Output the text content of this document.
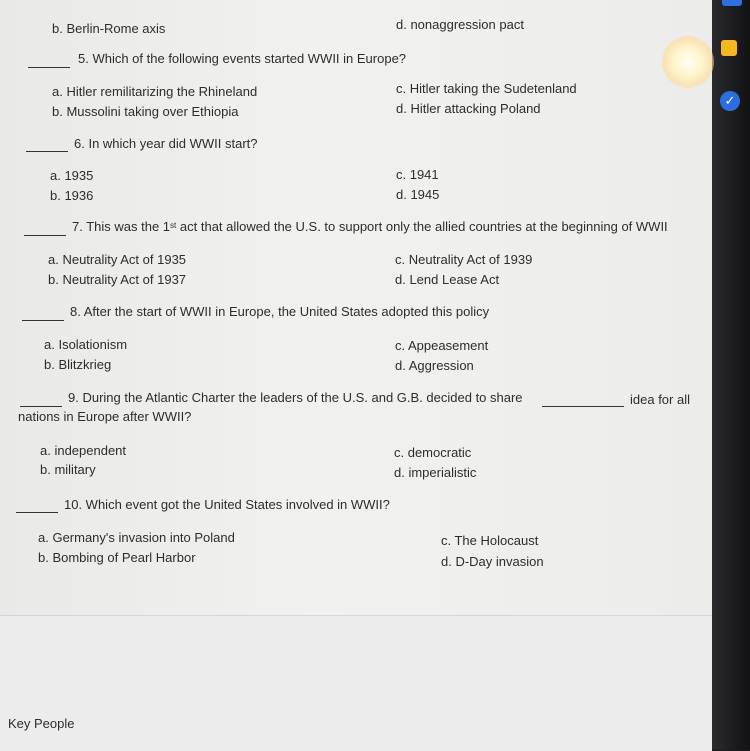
b. Berlin-Rome axis	d. nonaggression pact
5. Which of the following events started WWII in Europe?
a. Hitler remilitarizing the Rhineland
b. Mussolini taking over Ethiopia
c. Hitler taking the Sudetenland
d. Hitler attacking Poland
6. In which year did WWII start?
a. 1935
b. 1936
c. 1941
d. 1945
7. This was the 1st act that allowed the U.S. to support only the allied countries at the beginning of WWII
a. Neutrality Act of 1935
b. Neutrality Act of 1937
c. Neutrality Act of 1939
d. Lend Lease Act
8. After the start of WWII in Europe, the United States adopted this policy
a. Isolationism
b. Blitzkrieg
c. Appeasement
d. Aggression
9. During the Atlantic Charter the leaders of the U.S. and G.B. decided to share	idea for all
nations in Europe after WWII?
a. independent
b. military
c. democratic
d. imperialistic
10. Which event got the United States involved in WWII?
a. Germany's invasion into Poland
b. Bombing of Pearl Harbor
c. The Holocaust
d. D-Day invasion
Key People
✓
